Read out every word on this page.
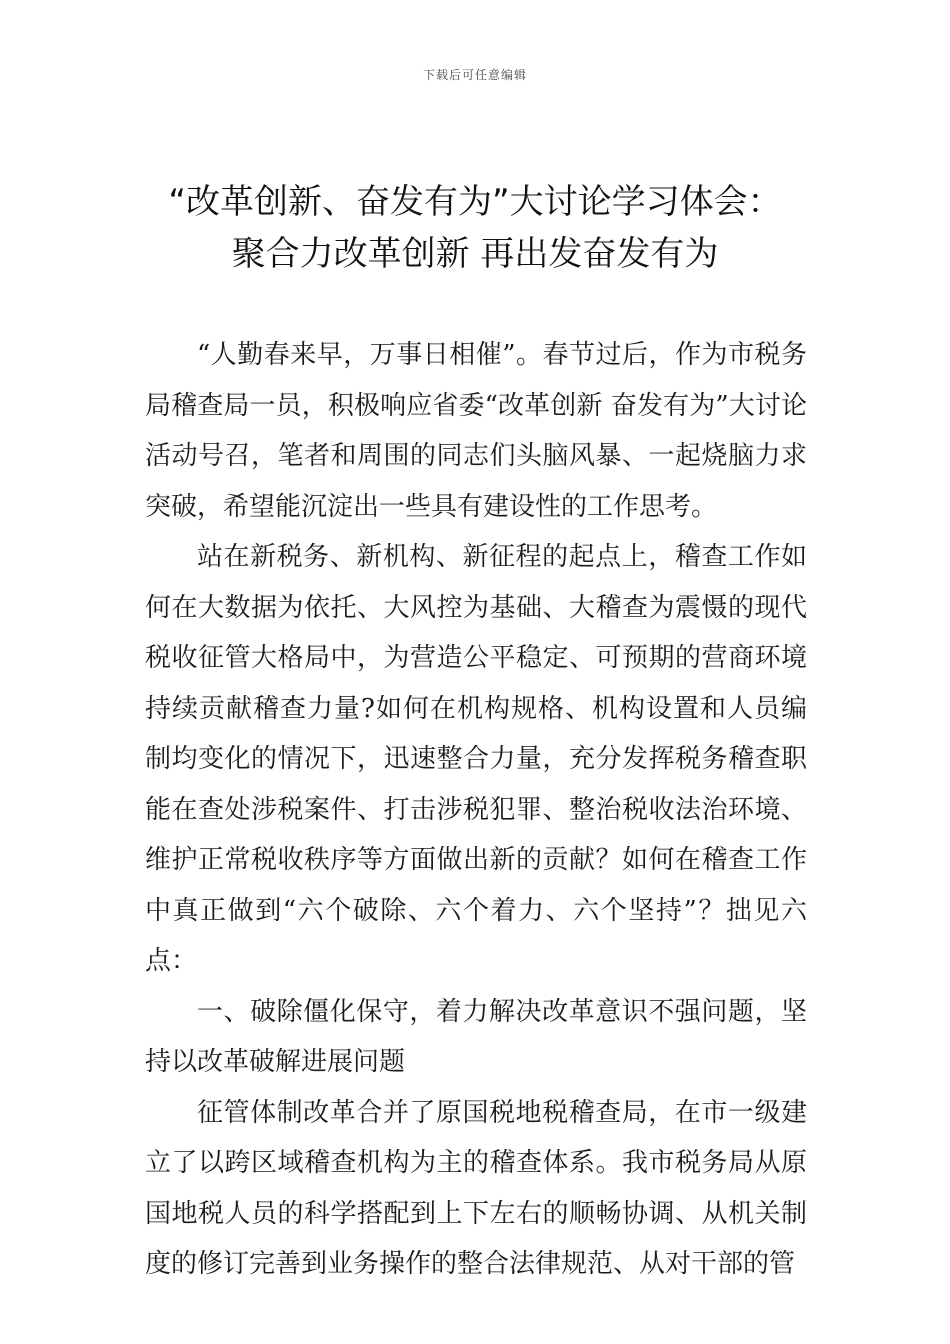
下载后可任意编辑
“改革创新、奋发有为”大讨论学习体会：
聚合力改革创新 再出发奋发有为

“人勤春来早，万事日相催”。春节过后，作为市税务局稽查局一员，积极响应省委“改革创新 奋发有为”大讨论活动号召，笔者和周围的同志们头脑风暴、一起烧脑力求突破，希望能沉淀出一些具有建设性的工作思考。

站在新税务、新机构、新征程的起点上，稽查工作如何在大数据为依托、大风控为基础、大稽查为震慑的现代税收征管大格局中，为营造公平稳定、可预期的营商环境持续贡献稽查力量?如何在机构规格、机构设置和人员编制均变化的情况下，迅速整合力量，充分发挥税务稽查职能在查处涉税案件、打击涉税犯罪、整治税收法治环境、维护正常税收秩序等方面做出新的贡献？如何在稽查工作中真正做到“六个破除、六个着力、六个坚持”？拙见六点：

一、破除僵化保守，着力解决改革意识不强问题，坚持以改革破解进展问题

征管体制改革合并了原国税地税稽查局，在市一级建立了以跨区域稽查机构为主的稽查体系。我市税务局从原国地税人员的科学搭配到上下左右的顺畅协调、从机关制度的修订完善到业务操作的整合法律规范、从对干部的管
